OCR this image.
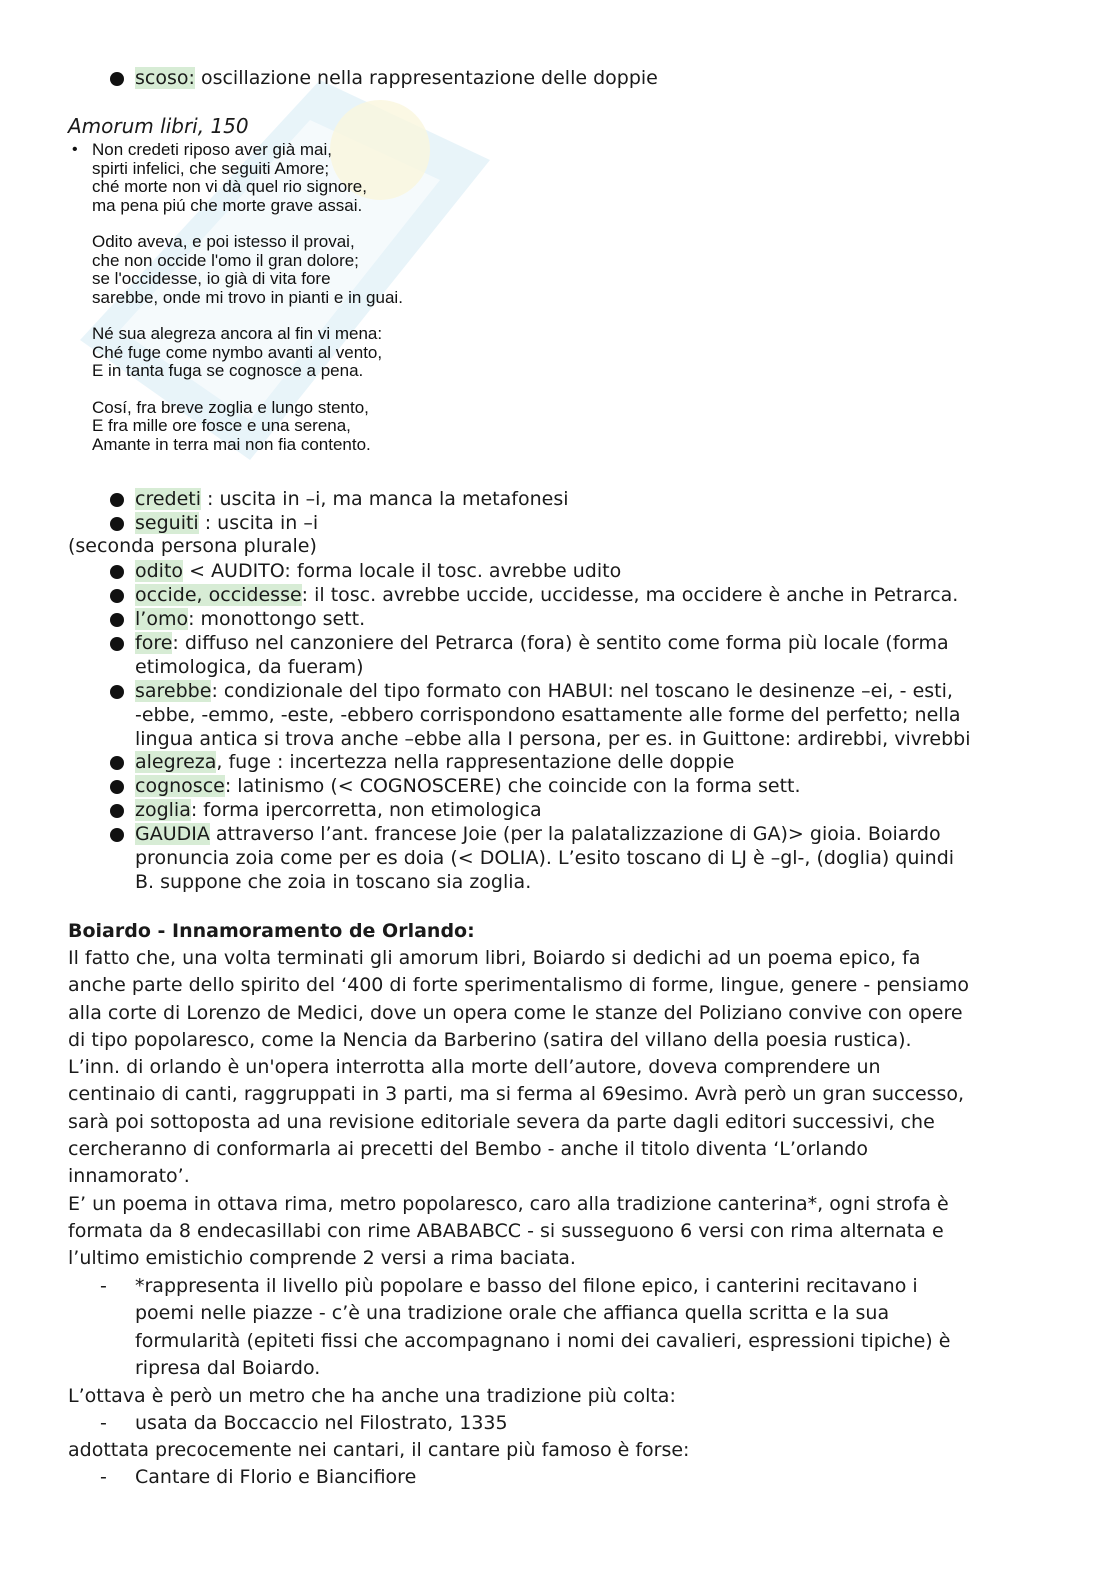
scoso: oscillazione nella rappresentazione delle doppie
Amorum libri, 150
• Non credeti riposo aver già mai,
spirti infelici, che seguiti Amore;
ché morte non vi dà quel rio signore,
ma pena piú che morte grave assai.
Odito aveva, e poi istesso il provai,
che non occide l'omo il gran dolore;
se l'occidesse, io già di vita fore
sarebbe, onde mi trovo in pianti e in guai.
Né sua alegreza ancora al fin vi mena:
Ché fuge come nymbo avanti al vento,
E in tanta fuga se cognosce a pena.
Cosí, fra breve zoglia e lungo stento,
E fra mille ore fosce e una serena,
Amante in terra mai non fia contento.
credeti : uscita in –i, ma manca la metafonesi
seguiti : uscita in –i
(seconda persona plurale)
odito < AUDITO: forma locale il tosc. avrebbe udito
occide, occidesse: il tosc. avrebbe uccide, uccidesse, ma occidere è anche in Petrarca.
l’omo: monottongo sett.
fore: diffuso nel canzoniere del Petrarca (fora) è sentito come forma più locale (forma
etimologica, da fueram)
sarebbe: condizionale del tipo formato con HABUI: nel toscano le desinenze –ei, - esti,
-ebbe, -emmo, -este, -ebbero corrispondono esattamente alle forme del perfetto; nella
lingua antica si trova anche –ebbe alla I persona, per es. in Guittone: ardirebbi, vivrebbi
alegreza, fuge : incertezza nella rappresentazione delle doppie
cognosce: latinismo (< COGNOSCERE) che coincide con la forma sett.
zoglia: forma ipercorretta, non etimologica
GAUDIA attraverso l’ant. francese Joie (per la palatalizzazione di GA)> gioia. Boiardo
pronuncia zoia come per es doia (< DOLIA). L’esito toscano di LJ è –gl-, (doglia) quindi
B. suppone che zoia in toscano sia zoglia.
Boiardo - Innamoramento de Orlando:
Il fatto che, una volta terminati gli amorum libri, Boiardo si dedichi ad un poema epico, fa
anche parte dello spirito del ‘400 di forte sperimentalismo di forme, lingue, genere - pensiamo
alla corte di Lorenzo de Medici, dove un opera come le stanze del Poliziano convive con opere
di tipo popolaresco, come la Nencia da Barberino (satira del villano della poesia rustica).
L’inn. di orlando è un'opera interrotta alla morte dell’autore, doveva comprendere un
centinaio di canti, raggruppati in 3 parti, ma si ferma al 69esimo. Avrà però un gran successo,
sarà poi sottoposta ad una revisione editoriale severa da parte dagli editori successivi, che
cercheranno di conformarla ai precetti del Bembo - anche il titolo diventa ‘L’orlando
innamorato’.
E’ un poema in ottava rima, metro popolaresco, caro alla tradizione canterina*, ogni strofa è
formata da 8 endecasillabi con rime ABABABCC - si susseguono 6 versi con rima alternata e
l’ultimo emistichio comprende 2 versi a rima baciata.
- *rappresenta il livello più popolare e basso del filone epico, i canterini recitavano i
poemi nelle piazze - c’è una tradizione orale che affianca quella scritta e la sua
formularità (epiteti fissi che accompagnano i nomi dei cavalieri, espressioni tipiche) è
ripresa dal Boiardo.
L’ottava è però un metro che ha anche una tradizione più colta:
- usata da Boccaccio nel Filostrato, 1335
adottata precocemente nei cantari, il cantare più famoso è forse:
- Cantare di Florio e Biancifiore
